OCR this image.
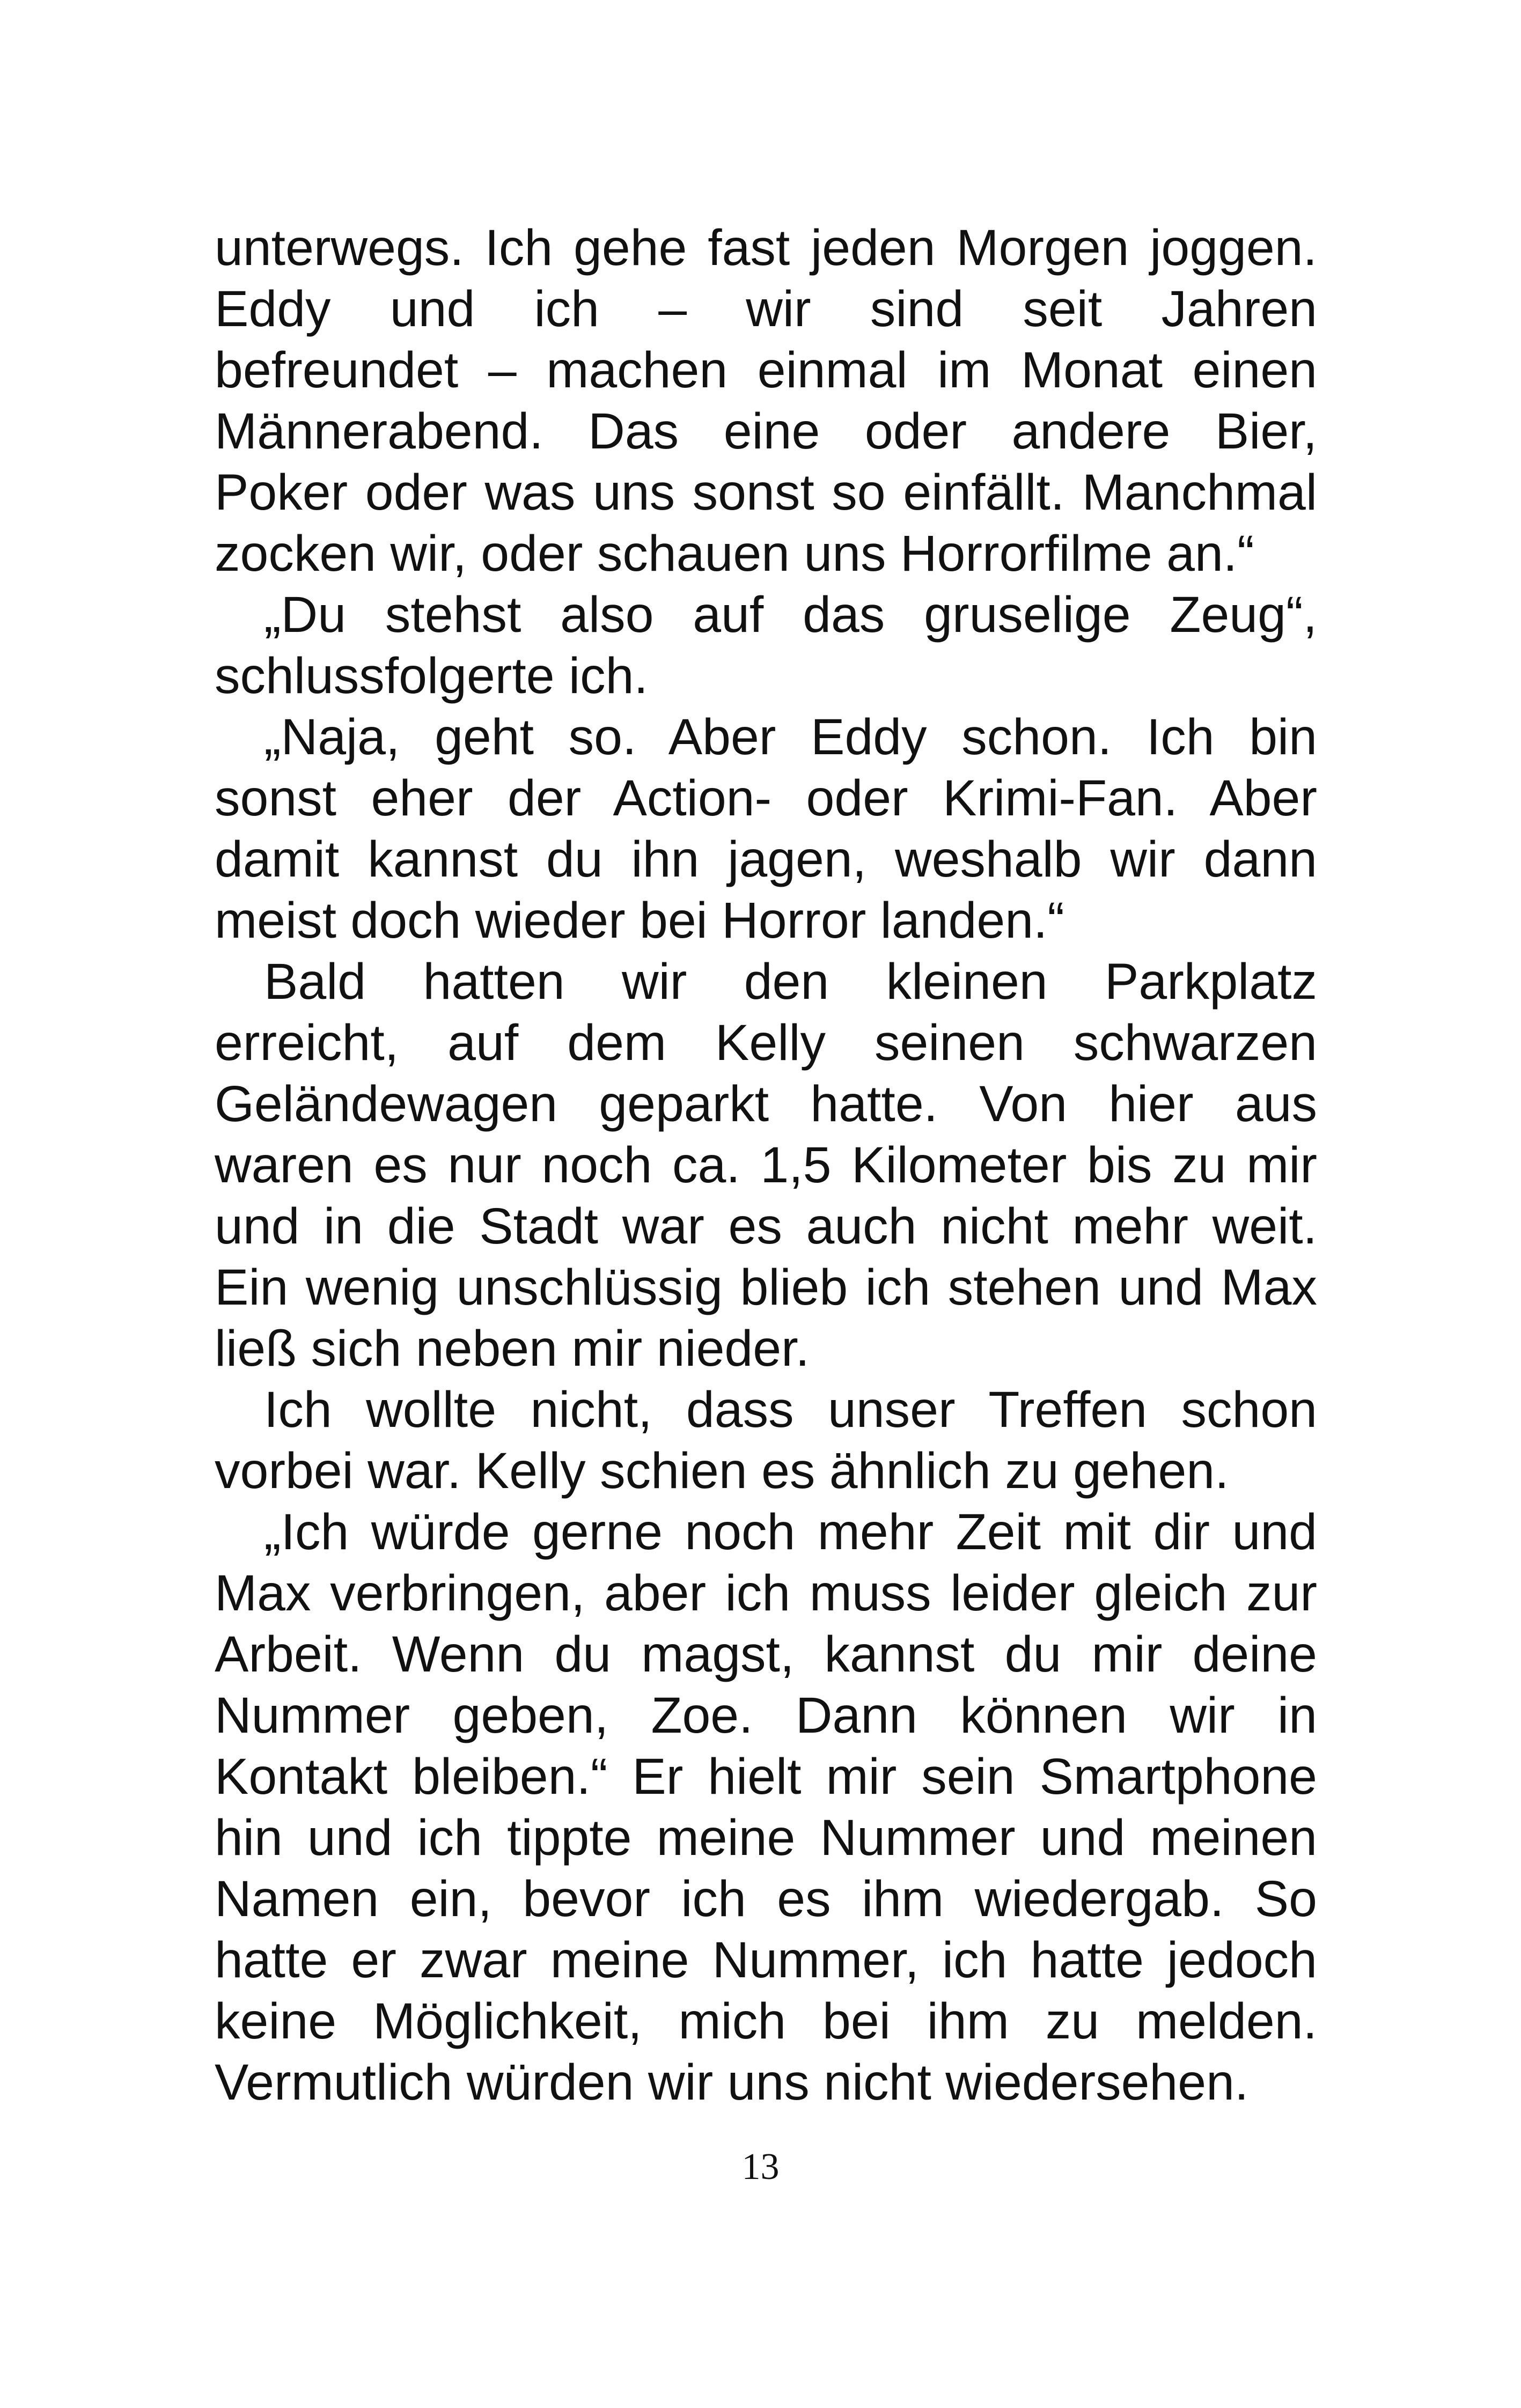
unterwegs. Ich gehe fast jeden Morgen joggen.
Eddy und ich – wir sind seit Jahren
befreundet – machen einmal im Monat einen
Männerabend. Das eine oder andere Bier,
Poker oder was uns sonst so einfällt. Manchmal
zocken wir, oder schauen uns Horrorfilme an.“
„Du stehst also auf das gruselige Zeug“,
schlussfolgerte ich.
„Naja, geht so. Aber Eddy schon. Ich bin
sonst eher der Action- oder Krimi-Fan. Aber
damit kannst du ihn jagen, weshalb wir dann
meist doch wieder bei Horror landen.“
Bald hatten wir den kleinen Parkplatz
erreicht, auf dem Kelly seinen schwarzen
Geländewagen geparkt hatte. Von hier aus
waren es nur noch ca. 1,5 Kilometer bis zu mir
und in die Stadt war es auch nicht mehr weit.
Ein wenig unschlüssig blieb ich stehen und Max
ließ sich neben mir nieder.
Ich wollte nicht, dass unser Treffen schon
vorbei war. Kelly schien es ähnlich zu gehen.
„Ich würde gerne noch mehr Zeit mit dir und
Max verbringen, aber ich muss leider gleich zur
Arbeit. Wenn du magst, kannst du mir deine
Nummer geben, Zoe. Dann können wir in
Kontakt bleiben.“ Er hielt mir sein Smartphone
hin und ich tippte meine Nummer und meinen
Namen ein, bevor ich es ihm wiedergab. So
hatte er zwar meine Nummer, ich hatte jedoch
keine Möglichkeit, mich bei ihm zu melden.
Vermutlich würden wir uns nicht wiedersehen.
13
